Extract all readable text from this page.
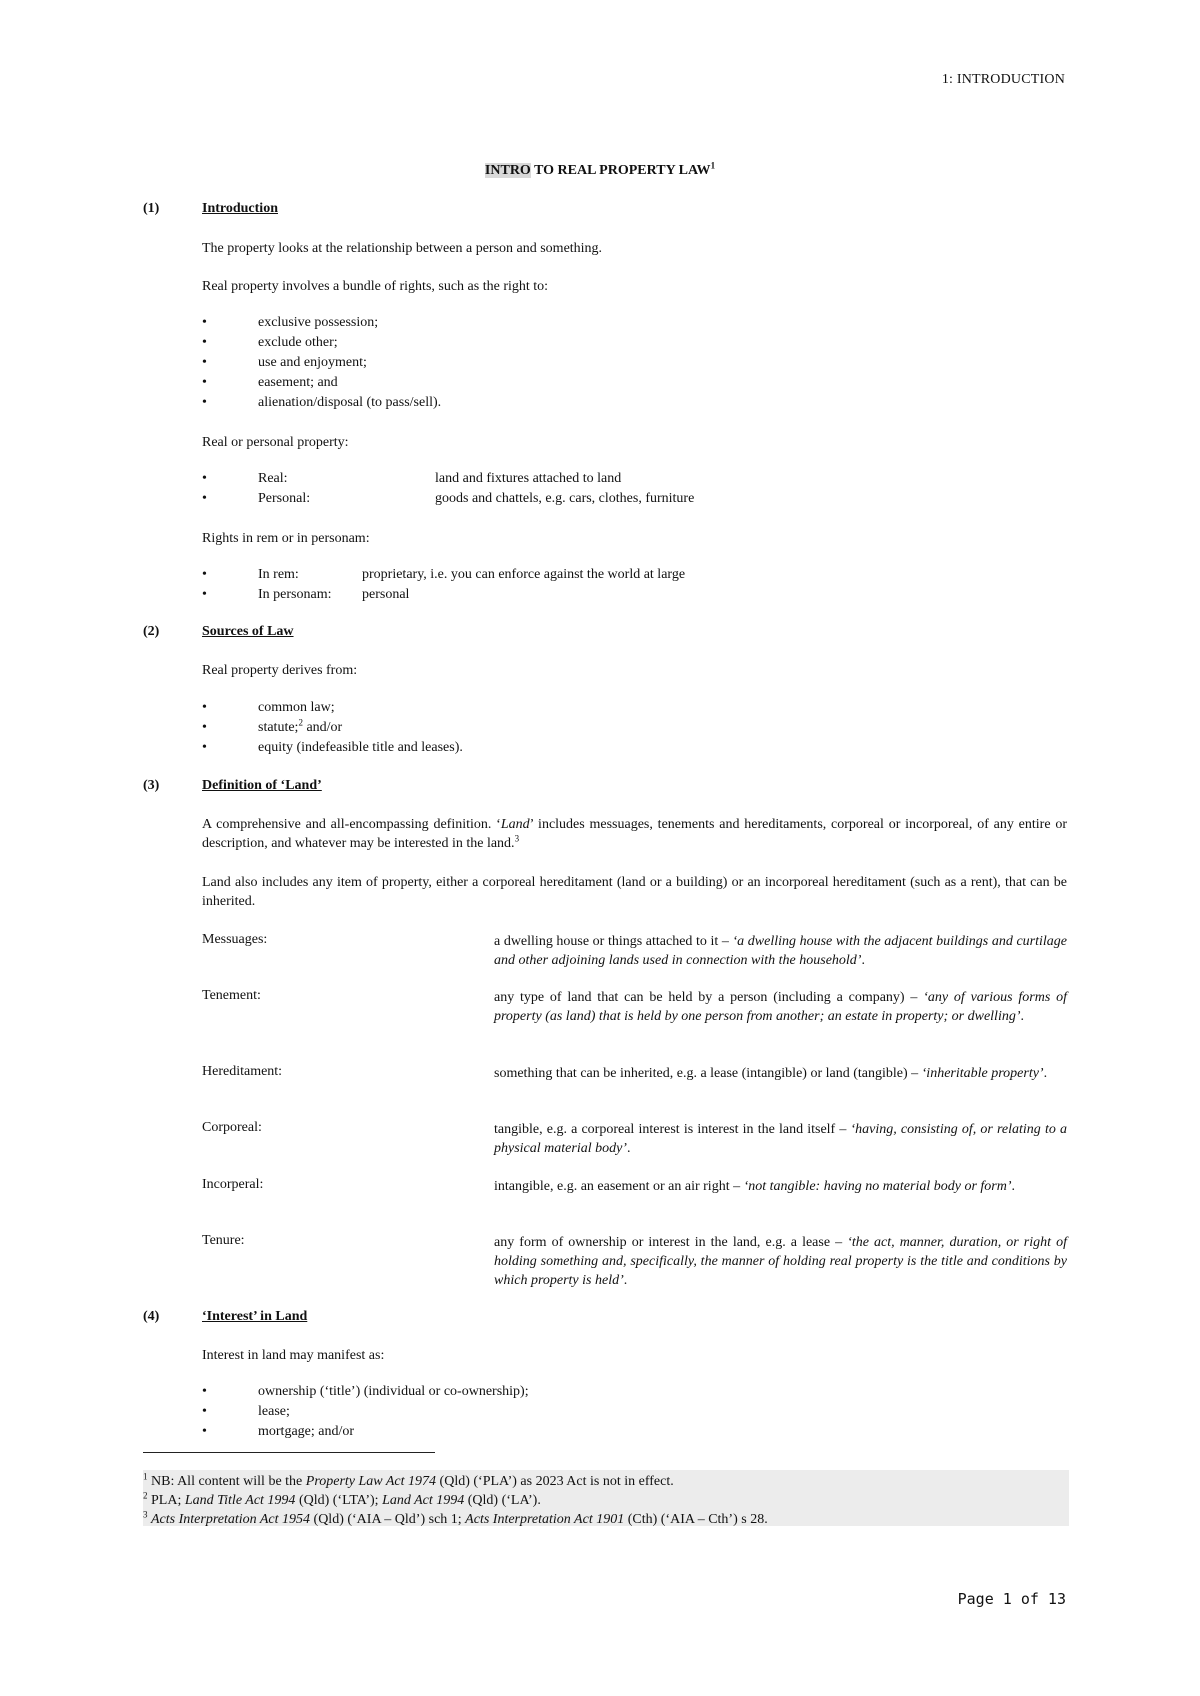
1: INTRODUCTION
INTRO TO REAL PROPERTY LAW$^1$
(1)	Introduction
The property looks at the relationship between a person and something.
Real property involves a bundle of rights, such as the right to:
•	exclusive possession;
•	exclude other;
•	use and enjoyment;
•	easement; and
•	alienation/disposal (to pass/sell).
Real or personal property:
•	Real:	land and fixtures attached to land
•	Personal:	goods and chattels, e.g. cars, clothes, furniture
Rights in rem or in personam:
•	In rem:	proprietary, i.e. you can enforce against the world at large
•	In personam: personal
(2)	Sources of Law
Real property derives from:
•	common law;
•	statute;$^2$ and/or
•	equity (indefeasible title and leases).
(3)	Definition of ‘Land’
A comprehensive and all-encompassing definition. ‘Land’ includes messuages, tenements and hereditaments, corporeal or incorporeal, of any entire or description, and whatever may be interested in the land.$^3$
Land also includes any item of property, either a corporeal hereditament (land or a building) or an incorporeal hereditament (such as a rent), that can be inherited.
Messuages:	a dwelling house or things attached to it – ‘a dwelling house with the adjacent buildings and curtilage and other adjoining lands used in connection with the household’.
Tenement:	any type of land that can be held by a person (including a company) – ‘any of various forms of property (as land) that is held by one person from another; an estate in property; or dwelling’.
Hereditament:	something that can be inherited, e.g. a lease (intangible) or land (tangible) – ‘inheritable property’.
Corporeal:	tangible, e.g. a corporeal interest is interest in the land itself – ‘having, consisting of, or relating to a physical material body’.
Incorperal:	intangible, e.g. an easement or an air right – ‘not tangible: having no material body or form’.
Tenure:	any form of ownership or interest in the land, e.g. a lease – ‘the act, manner, duration, or right of holding something and, specifically, the manner of holding real property is the title and conditions by which property is held’.
(4)	‘Interest’ in Land
Interest in land may manifest as:
•	ownership (‘title’) (individual or co-ownership);
•	lease;
•	mortgage; and/or
$^1$ NB: All content will be the Property Law Act 1974 (Qld) (‘PLA’) as 2023 Act is not in effect.
$^2$ PLA; Land Title Act 1994 (Qld) (‘LTA’); Land Act 1994 (Qld) (‘LA’).
$^3$ Acts Interpretation Act 1954 (Qld) (‘AIA – Qld’) sch 1; Acts Interpretation Act 1901 (Cth) (‘AIA – Cth’) s 28.
Page 1 of 13
